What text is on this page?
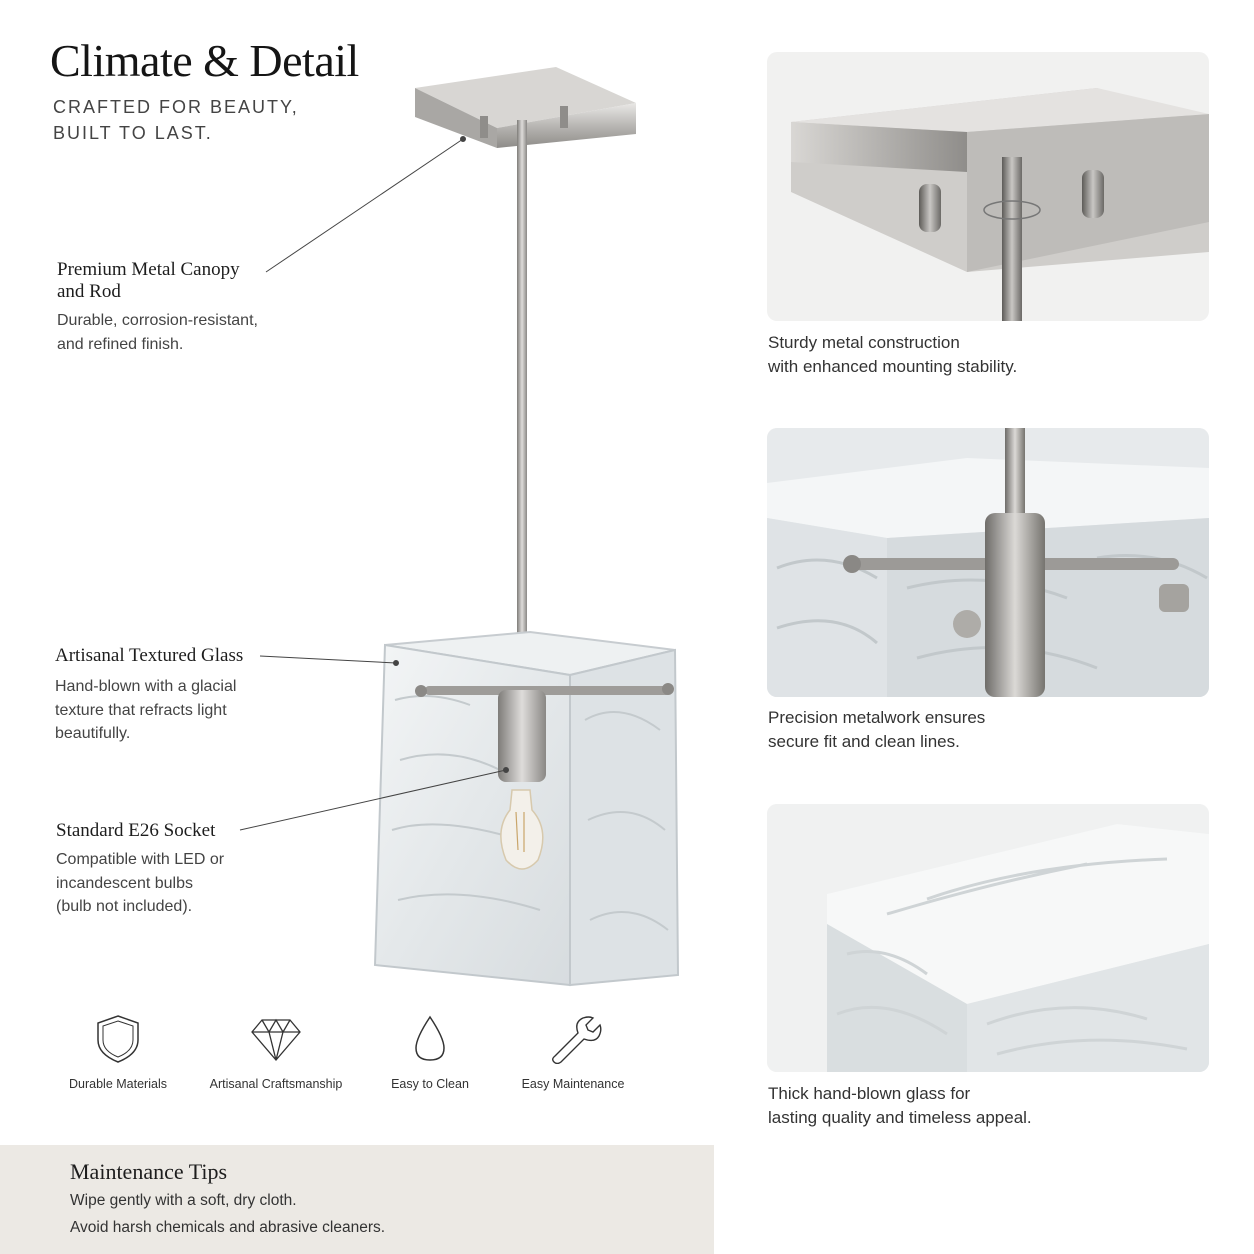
Climate & Detail
CRAFTED FOR BEAUTY,
BUILT TO LAST.
Premium Metal Canopy
and Rod
Durable, corrosion-resistant,
and refined finish.
Artisanal Textured Glass
Hand-blown with a glacial
texture that refracts light
beautifully.
Standard E26 Socket
Compatible with LED or
incandescent bulbs
(bulb not included).
Durable Materials	Artisanal Craftsmanship	Easy to Clean	Easy Maintenance
Sturdy metal construction
with enhanced mounting stability.
Precision metalwork ensures
secure fit and clean lines.
Thick hand-blown glass for
lasting quality and timeless appeal.
Maintenance Tips
Wipe gently with a soft, dry cloth.
Avoid harsh chemicals and abrasive cleaners.
